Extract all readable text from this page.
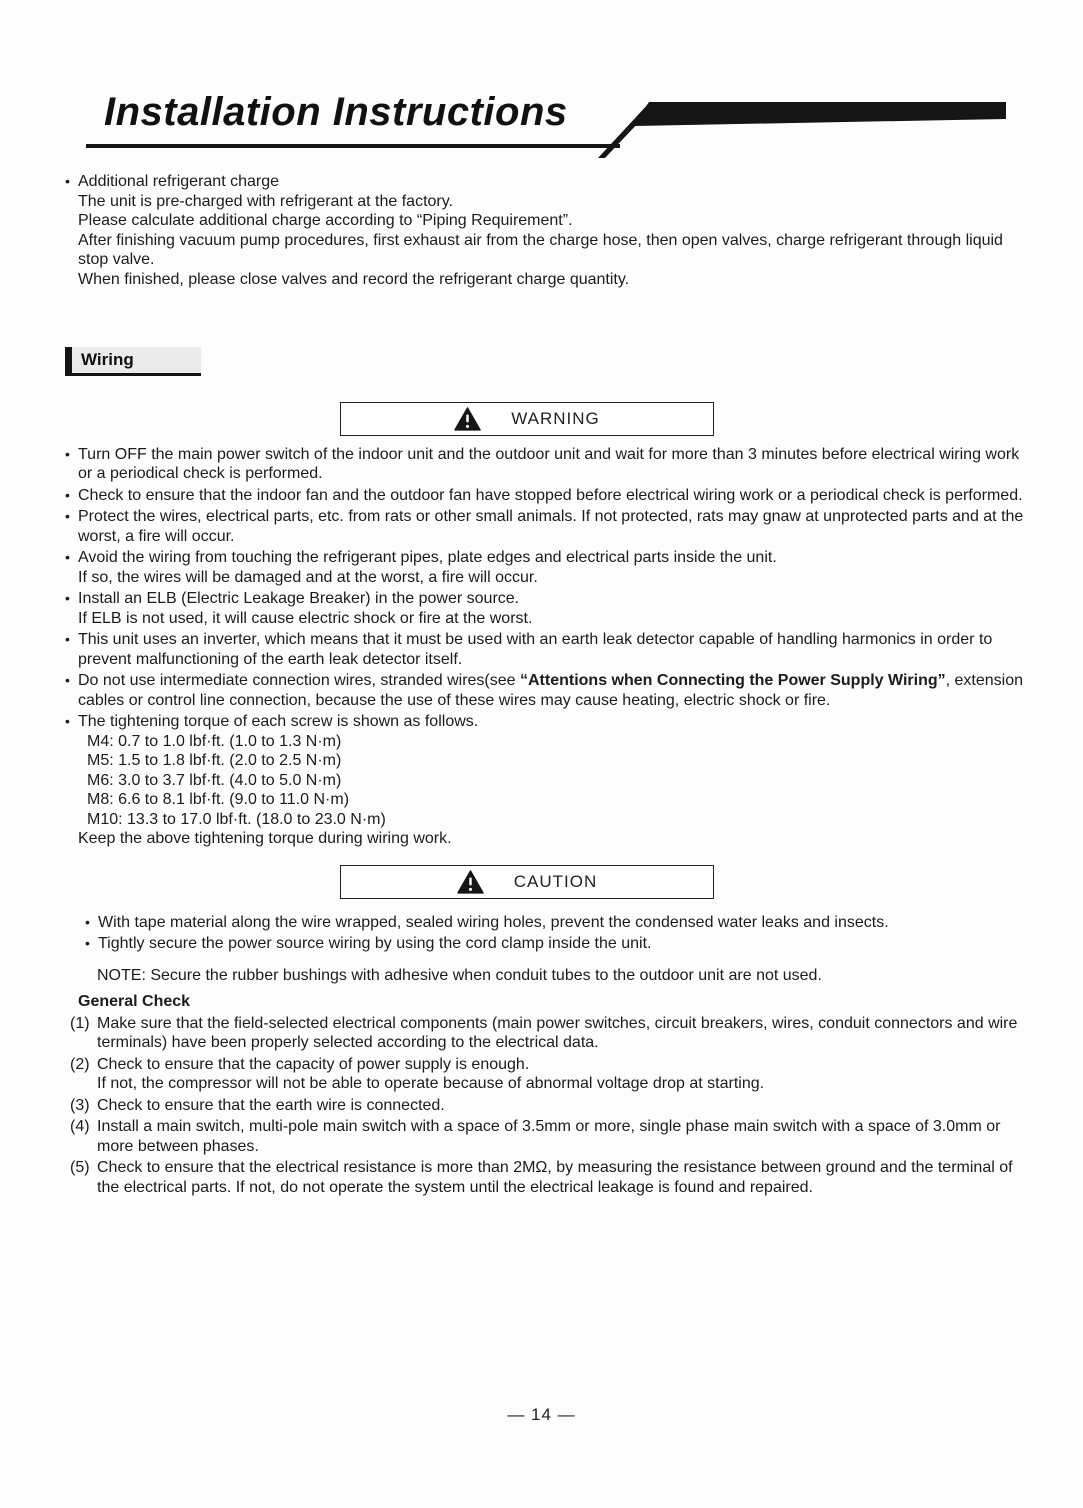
Installation Instructions
• Additional refrigerant charge
The unit is pre-charged with refrigerant at the factory.
Please calculate additional charge according to “Piping Requirement”.
After finishing vacuum pump procedures, first exhaust air from the charge hose, then open valves, charge refrigerant through liquid stop valve.
When finished, please close valves and record the refrigerant charge quantity.
Wiring
WARNING
• Turn OFF the main power switch of the indoor unit and the outdoor unit and wait for more than 3 minutes before electrical wiring work or a periodical check is performed.
• Check to ensure that the indoor fan and the outdoor fan have stopped before electrical wiring work or a periodical check is performed.
• Protect the wires, electrical parts, etc. from rats or other small animals. If not protected, rats may gnaw at unprotected parts and at the worst, a fire will occur.
• Avoid the wiring from touching the refrigerant pipes, plate edges and electrical parts inside the unit.
If so, the wires will be damaged and at the worst, a fire will occur.
• Install an ELB (Electric Leakage Breaker) in the power source.
If ELB is not used, it will cause electric shock or fire at the worst.
• This unit uses an inverter, which means that it must be used with an earth leak detector capable of handling harmonics in order to prevent malfunctioning of the earth leak detector itself.
• Do not use intermediate connection wires, stranded wires(see “Attentions when Connecting the Power Supply Wiring”, extension cables or control line connection, because the use of these wires may cause heating, electric shock or fire.
• The tightening torque of each screw is shown as follows.
M4: 0.7 to 1.0 lbf·ft. (1.0 to 1.3 N·m)
M5: 1.5 to 1.8 lbf·ft. (2.0 to 2.5 N·m)
M6: 3.0 to 3.7 lbf·ft. (4.0 to 5.0 N·m)
M8: 6.6 to 8.1 lbf·ft. (9.0 to 11.0 N·m)
M10: 13.3 to 17.0 lbf·ft. (18.0 to 23.0 N·m)
Keep the above tightening torque during wiring work.
CAUTION
• With tape material along the wire wrapped, sealed wiring holes, prevent the condensed water leaks and insects.
• Tightly secure the power source wiring by using the cord clamp inside the unit.
NOTE: Secure the rubber bushings with adhesive when conduit tubes to the outdoor unit are not used.
General Check
(1) Make sure that the field-selected electrical components (main power switches, circuit breakers, wires, conduit connectors and wire terminals) have been properly selected according to the electrical data.
(2) Check to ensure that the capacity of power supply is enough.
If not, the compressor will not be able to operate because of abnormal voltage drop at starting.
(3) Check to ensure that the earth wire is connected.
(4) Install a main switch, multi-pole main switch with a space of 3.5mm or more, single phase main switch with a space of 3.0mm or more between phases.
(5) Check to ensure that the electrical resistance is more than 2MΩ, by measuring the resistance between ground and the terminal of the electrical parts. If not, do not operate the system until the electrical leakage is found and repaired.
— 14 —
